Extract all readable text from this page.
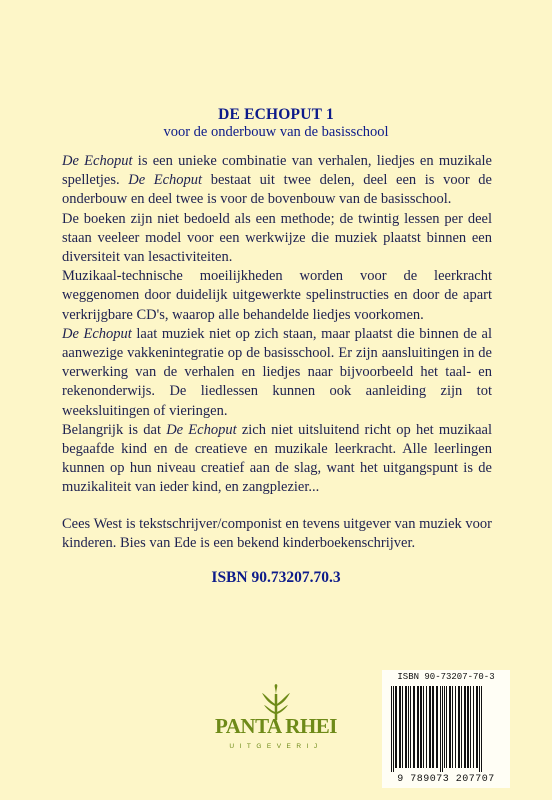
DE ECHOPUT 1
voor de onderbouw van de basisschool

De Echoput is een unieke combinatie van verhalen, liedjes en muzikale spelletjes. De Echoput bestaat uit twee delen, deel een is voor de onderbouw en deel twee is voor de bovenbouw van de basisschool.

De boeken zijn niet bedoeld als een methode; de twintig lessen per deel staan veeleer model voor een werkwijze die muziek plaatst binnen een diversiteit van lesactiviteiten.

Muzikaal-technische moeilijkheden worden voor de leerkracht weggenomen door duidelijk uitgewerkte spelinstructies en door de apart verkrijgbare CD's, waarop alle behandelde liedjes voorkomen.

De Echoput laat muziek niet op zich staan, maar plaatst die binnen de al aanwezige vakkenintegratie op de basisschool. Er zijn aansluitingen in de verwerking van de verhalen en liedjes naar bijvoorbeeld het taal- en rekenonderwijs. De liedlessen kunnen ook aanleiding zijn tot weeksluitingen of vieringen.

Belangrijk is dat De Echoput zich niet uitsluitend richt op het muzikaal begaafde kind en de creatieve en muzikale leerkracht. Alle leerlingen kunnen op hun niveau creatief aan de slag, want het uitgangspunt is de muzikaliteit van ieder kind, en zangplezier...

Cees West is tekstschrijver/componist en tevens uitgever van muziek voor kinderen. Bies van Ede is een bekend kinderboekenschrijver.

ISBN 90.73207.70.3
PANTA RHEI
UITGEVERIJ
ISBN 90-73207-70-3
9 789073 207707
